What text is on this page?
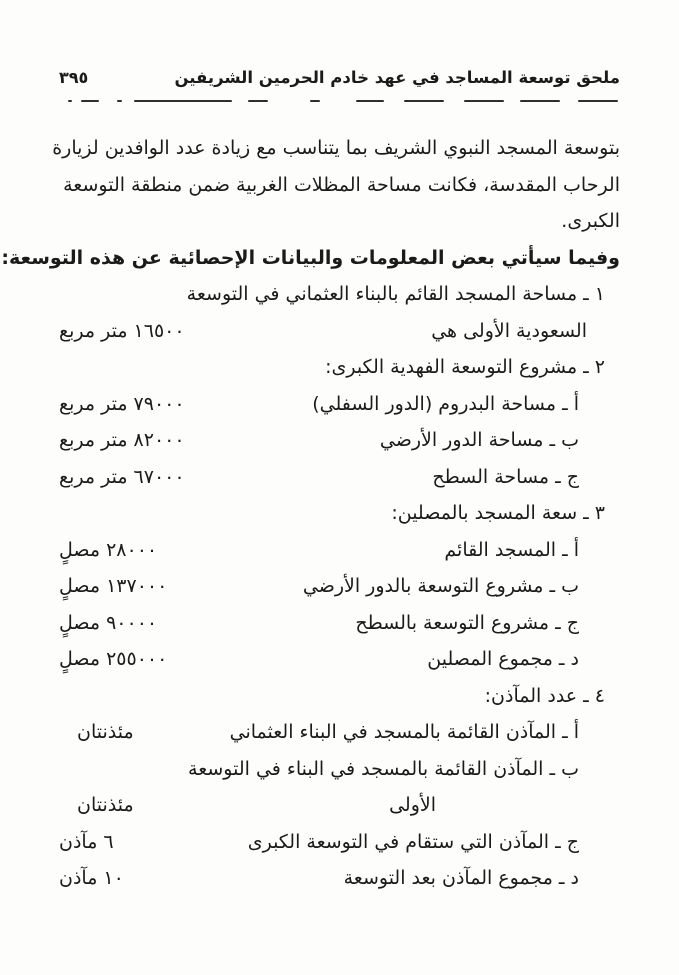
ملحق توسعة المساجد في عهد خادم الحرمين الشريفين
٣٩٥
بتوسعة المسجد النبوي الشريف بما يتناسب مع زيادة عدد الوافدين لزيارة
الرحاب المقدسة، فكانت مساحة المظلات الغربية ضمن منطقة التوسعة
الكبرى.
وفيما سيأتي بعض المعلومات والبيانات الإحصائية عن هذه التوسعة:
١ ـ مساحة المسجد القائم بالبناء العثماني في التوسعة
السعودية الأولى هي
١٦٥٠٠ متر مربع
٢ ـ مشروع التوسعة الفهدية الكبرى:
أ ـ مساحة البدروم (الدور السفلي)
٧٩٠٠٠ متر مربع
ب ـ مساحة الدور الأرضي
٨٢٠٠٠ متر مربع
ج ـ مساحة السطح
٦٧٠٠٠ متر مربع
٣ ـ سعة المسجد بالمصلين:
أ ـ المسجد القائم
٢٨٠٠٠ مصلٍ
ب ـ مشروع التوسعة بالدور الأرضي
١٣٧٠٠٠ مصلٍ
ج ـ مشروع التوسعة بالسطح
٩٠٠٠٠ مصلٍ
د ـ مجموع المصلين
٢٥٥٠٠٠ مصلٍ
٤ ـ عدد المآذن:
أ ـ المآذن القائمة بالمسجد في البناء العثماني
مئذنتان
ب ـ المآذن القائمة بالمسجد في البناء في التوسعة
الأولى
مئذنتان
ج ـ المآذن التي ستقام في التوسعة الكبرى
٦ مآذن
د ـ مجموع المآذن بعد التوسعة
١٠ مآذن
